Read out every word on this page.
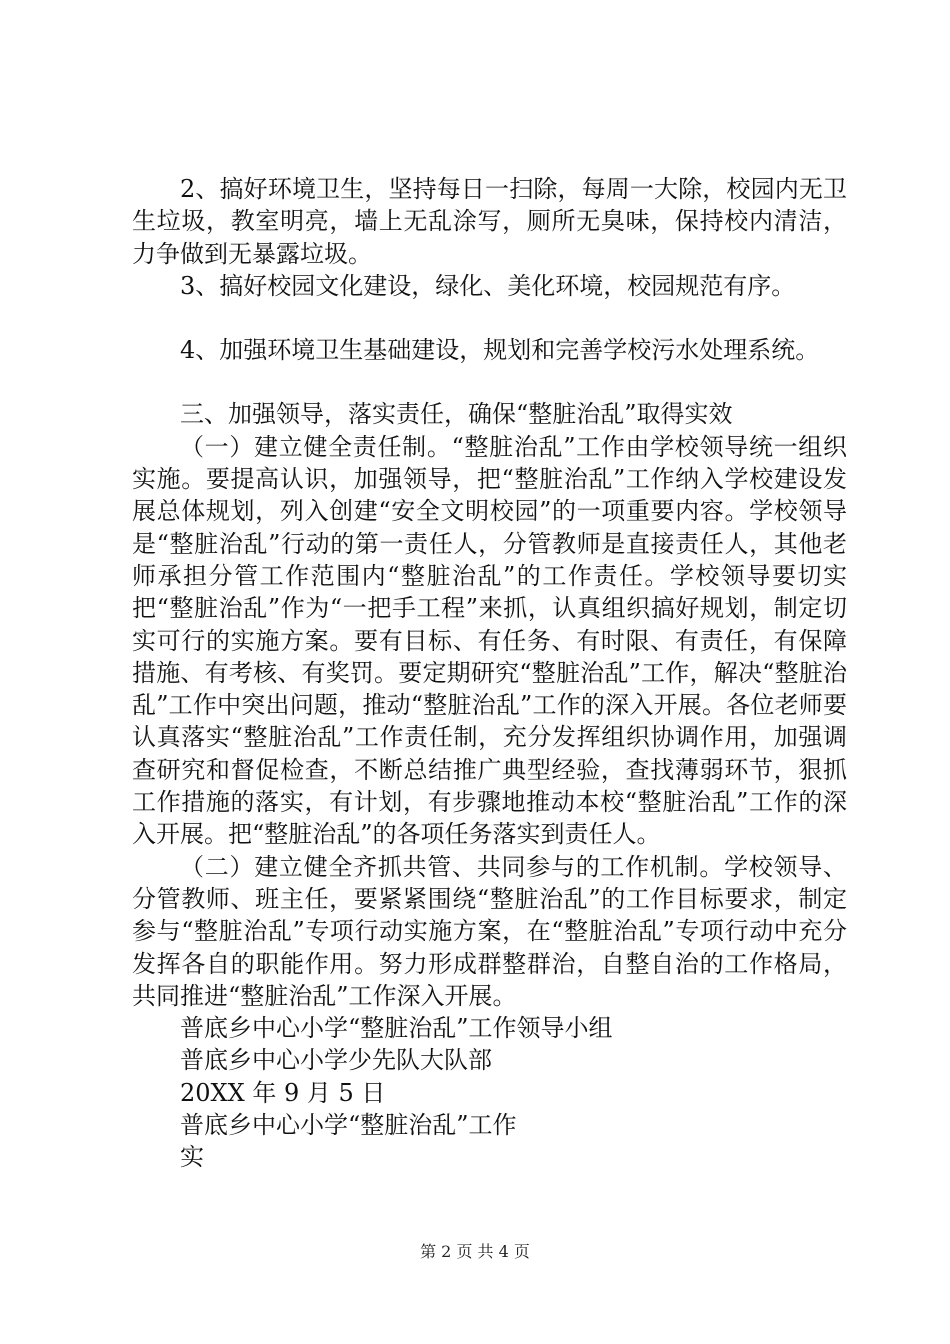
2、搞好环境卫生，坚持每日一扫除，每周一大除，校园内无卫生垃圾，教室明亮，墙上无乱涂写，厕所无臭味，保持校内清洁，力争做到无暴露垃圾。

3、搞好校园文化建设，绿化、美化环境，校园规范有序。

4、加强环境卫生基础建设，规划和完善学校污水处理系统。

三、加强领导，落实责任，确保“整脏治乱”取得实效

（一）建立健全责任制。“整脏治乱”工作由学校领导统一组织实施。要提高认识，加强领导，把“整脏治乱”工作纳入学校建设发展总体规划，列入创建“安全文明校园”的一项重要内容。学校领导是“整脏治乱”行动的第一责任人，分管教师是直接责任人，其他老师承担分管工作范围内“整脏治乱”的工作责任。学校领导要切实把“整脏治乱”作为“一把手工程”来抓，认真组织搞好规划，制定切实可行的实施方案。要有目标、有任务、有时限、有责任，有保障措施、有考核、有奖罚。要定期研究“整脏治乱”工作，解决“整脏治乱”工作中突出问题，推动“整脏治乱”工作的深入开展。各位老师要认真落实“整脏治乱”工作责任制，充分发挥组织协调作用，加强调查研究和督促检查，不断总结推广典型经验，查找薄弱环节，狠抓工作措施的落实，有计划，有步骤地推动本校“整脏治乱”工作的深入开展。把“整脏治乱”的各项任务落实到责任人。

（二）建立健全齐抓共管、共同参与的工作机制。学校领导、分管教师、班主任，要紧紧围绕“整脏治乱”的工作目标要求，制定参与“整脏治乱”专项行动实施方案，在“整脏治乱”专项行动中充分发挥各自的职能作用。努力形成群整群治，自整自治的工作格局，共同推进“整脏治乱”工作深入开展。

普底乡中心小学“整脏治乱”工作领导小组

普底乡中心小学少先队大队部

20XX 年 9 月 5 日

普底乡中心小学“整脏治乱”工作

实

第 2 页 共 4 页
